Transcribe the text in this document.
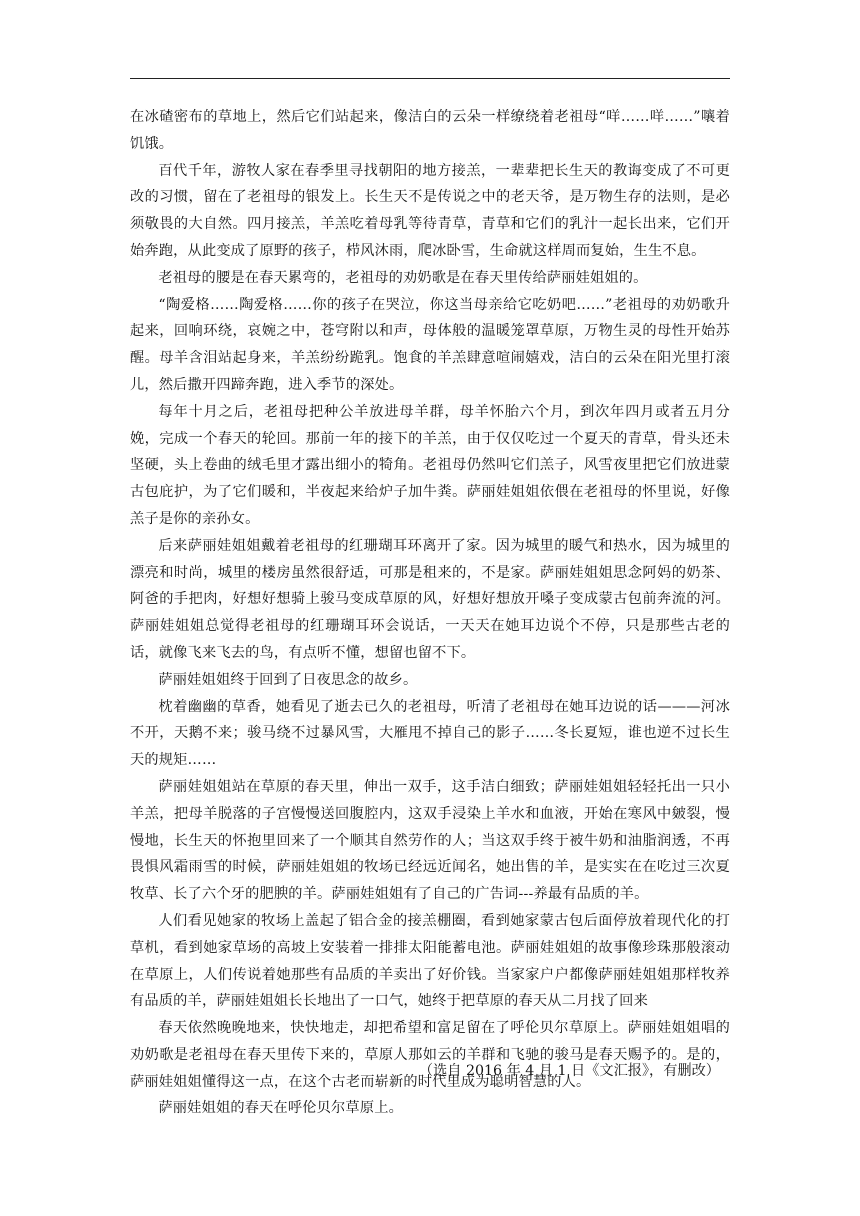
在冰碴密布的草地上，然后它们站起来，像洁白的云朵一样缭绕着老祖母“咩……咩……”嚷着饥饿。

百代千年，游牧人家在春季里寻找朝阳的地方接羔，一辈辈把长生天的教诲变成了不可更改的习惯，留在了老祖母的银发上。长生天不是传说之中的老天爷，是万物生存的法则，是必须敬畏的大自然。四月接羔，羊羔吃着母乳等待青草，青草和它们的乳汁一起长出来，它们开始奔跑，从此变成了原野的孩子，栉风沐雨，爬冰卧雪，生命就这样周而复始，生生不息。

老祖母的腰是在春天累弯的，老祖母的劝奶歌是在春天里传给萨丽娃姐姐的。

“陶爱格……陶爱格……你的孩子在哭泣，你这当母亲给它吃奶吧……”老祖母的劝奶歌升起来，回响环绕，哀婉之中，苍穹附以和声，母体般的温暖笼罩草原，万物生灵的母性开始苏醒。母羊含泪站起身来，羊羔纷纷跪乳。饱食的羊羔肆意喧闹嬉戏，洁白的云朵在阳光里打滚儿，然后撒开四蹄奔跑，进入季节的深处。

每年十月之后，老祖母把种公羊放进母羊群，母羊怀胎六个月，到次年四月或者五月分娩，完成一个春天的轮回。那前一年的接下的羊羔，由于仅仅吃过一个夏天的青草，骨头还未坚硬，头上卷曲的绒毛里才露出细小的犄角。老祖母仍然叫它们羔子，风雪夜里把它们放进蒙古包庇护，为了它们暖和，半夜起来给炉子加牛粪。萨丽娃姐姐依偎在老祖母的怀里说，好像羔子是你的亲孙女。

后来萨丽娃姐姐戴着老祖母的红珊瑚耳环离开了家。因为城里的暖气和热水，因为城里的漂亮和时尚，城里的楼房虽然很舒适，可那是租来的，不是家。萨丽娃姐姐思念阿妈的奶茶、阿爸的手把肉，好想好想骑上骏马变成草原的风，好想好想放开嗓子变成蒙古包前奔流的河。萨丽娃姐姐总觉得老祖母的红珊瑚耳环会说话，一天天在她耳边说个不停，只是那些古老的话，就像飞来飞去的鸟，有点听不懂，想留也留不下。

萨丽娃姐姐终于回到了日夜思念的故乡。

枕着幽幽的草香，她看见了逝去已久的老祖母，听清了老祖母在她耳边说的话———河冰不开，天鹅不来；骏马绕不过暴风雪，大雁甩不掉自己的影子……冬长夏短，谁也逆不过长生天的规矩……

萨丽娃姐姐站在草原的春天里，伸出一双手，这手洁白细致；萨丽娃姐姐轻轻托出一只小羊羔，把母羊脱落的子宫慢慢送回腹腔内，这双手浸染上羊水和血液，开始在寒风中皴裂，慢慢地，长生天的怀抱里回来了一个顺其自然劳作的人；当这双手终于被牛奶和油脂润透，不再畏惧风霜雨雪的时候，萨丽娃姐姐的牧场已经远近闻名，她出售的羊，是实实在在吃过三次夏牧草、长了六个牙的肥腴的羊。萨丽娃姐姐有了自己的广告词---养最有品质的羊。

人们看见她家的牧场上盖起了铝合金的接羔棚圈，看到她家蒙古包后面停放着现代化的打草机，看到她家草场的高坡上安装着一排排太阳能蓄电池。萨丽娃姐姐的故事像珍珠那般滚动在草原上，人们传说着她那些有品质的羊卖出了好价钱。当家家户户都像萨丽娃姐姐那样牧养有品质的羊，萨丽娃姐姐长长地出了一口气，她终于把草原的春天从二月找了回来

春天依然晚晚地来，快快地走，却把希望和富足留在了呼伦贝尔草原上。萨丽娃姐姐唱的劝奶歌是老祖母在春天里传下来的，草原人那如云的羊群和飞驰的骏马是春天赐予的。是的，萨丽娃姐姐懂得这一点，在这个古老而崭新的时代里成为聪明智慧的人。

萨丽娃姐姐的春天在呼伦贝尔草原上。

（选自 2016 年 4 月 1 日《文汇报》，有删改）
